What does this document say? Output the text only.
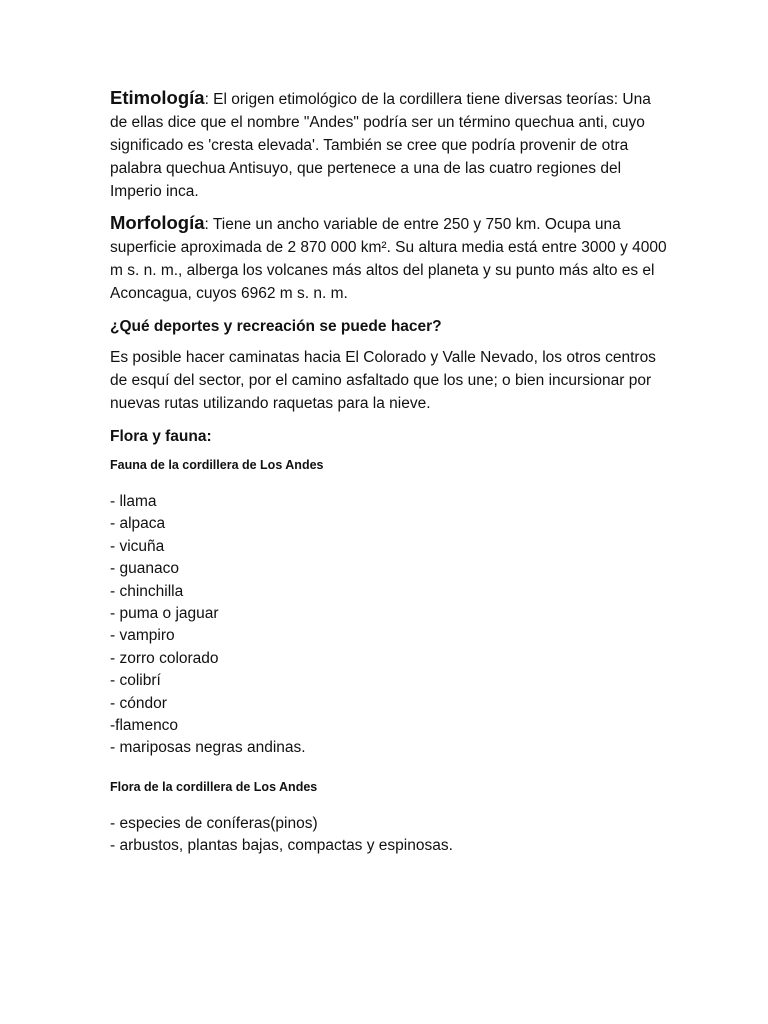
Etimología: El origen etimológico de la cordillera tiene diversas teorías: Una de ellas dice que el nombre "Andes" podría ser un término quechua anti, cuyo significado es 'cresta elevada'. También se cree que podría provenir de otra palabra quechua Antisuyo, que pertenece a una de las cuatro regiones del Imperio inca.

Morfología: Tiene un ancho variable de entre 250 y 750 km. Ocupa una superficie aproximada de 2 870 000 km². Su altura media está entre 3000 y 4000 m s. n. m., alberga los volcanes más altos del planeta y su punto más alto es el Aconcagua, cuyos 6962 m s. n. m.

¿Qué deportes y recreación se puede hacer?

Es posible hacer caminatas hacia El Colorado y Valle Nevado, los otros centros de esquí del sector, por el camino asfaltado que los une; o bien incursionar por nuevas rutas utilizando raquetas para la nieve.

Flora y fauna:

Fauna de la cordillera de Los Andes

- llama
- alpaca
- vicuña
- guanaco
- chinchilla
- puma o jaguar
- vampiro
- zorro colorado
- colibrí
- cóndor
-flamenco
- mariposas negras andinas.

Flora de la cordillera de Los Andes

- especies de coníferas(pinos)
- arbustos, plantas bajas, compactas y espinosas.
